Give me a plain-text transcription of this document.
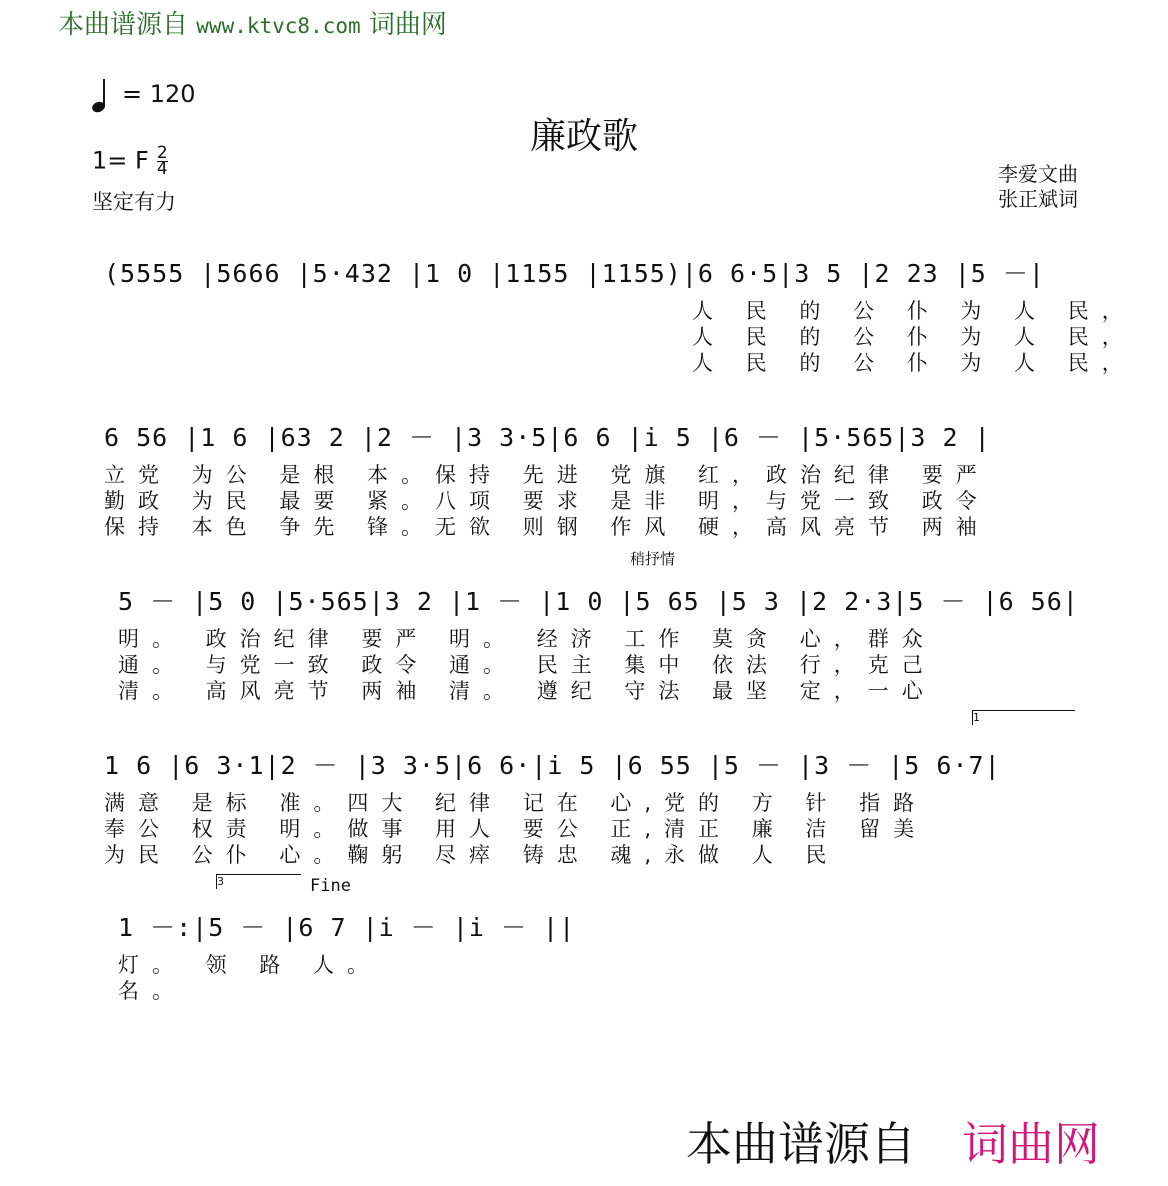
本曲谱源自 www.ktvc8.com 词曲网
= 120
廉政歌
1= F $\frac{2}{4}$
坚定有力
李爱文曲
张正斌词
(5555 |5666 |5·432 |1 0 |1155 |1155)|6 6·5|3 5 |2 23 |5 －|
人 民 的 公 仆 为 人 民，
人 民 的 公 仆 为 人 民，
人 民 的 公 仆 为 人 民，
6 56 |1 6 |63 2 |2 － |3 3·5|6 6 |i 5 |6 － |5·565|3 2 |
立党 为公 是根 本。保持 先进 党旗 红，政治纪律 要严
勤政 为民 最要 紧。八项 要求 是非 明，与党一致 政令
保持 本色 争先 锋。无欲 则钢 作风 硬，高风亮节 两袖
稍抒情
5 － |5 0 |5·565|3 2 |1 － |1 0 |5 65 |5 3 |2 2·3|5 － |6 56|
明。 政治纪律 要严 明。 经济 工作 莫贪 心，群众
通。 与党一致 政令 通。 民主 集中 依法 行，克己
清。 高风亮节 两袖 清。 遵纪 守法 最坚 定，一心
1
1 6 |6 3·1|2 － |3 3·5|6 6·|i 5 |6 55 |5 － |3 － |5 6·7|
满意 是标 准。四大 纪律 记在 心,党的 方 针 指路
奉公 权责 明。做事 用人 要公 正,清正 廉 洁 留美
为民 公仆 心。鞠躬 尽瘁 铸忠 魂,永做 人 民
3	Fine
1 －:|5 － |6 7 |i － |i － ||
灯。 领 路 人。
名。
本曲谱源自 词曲网
